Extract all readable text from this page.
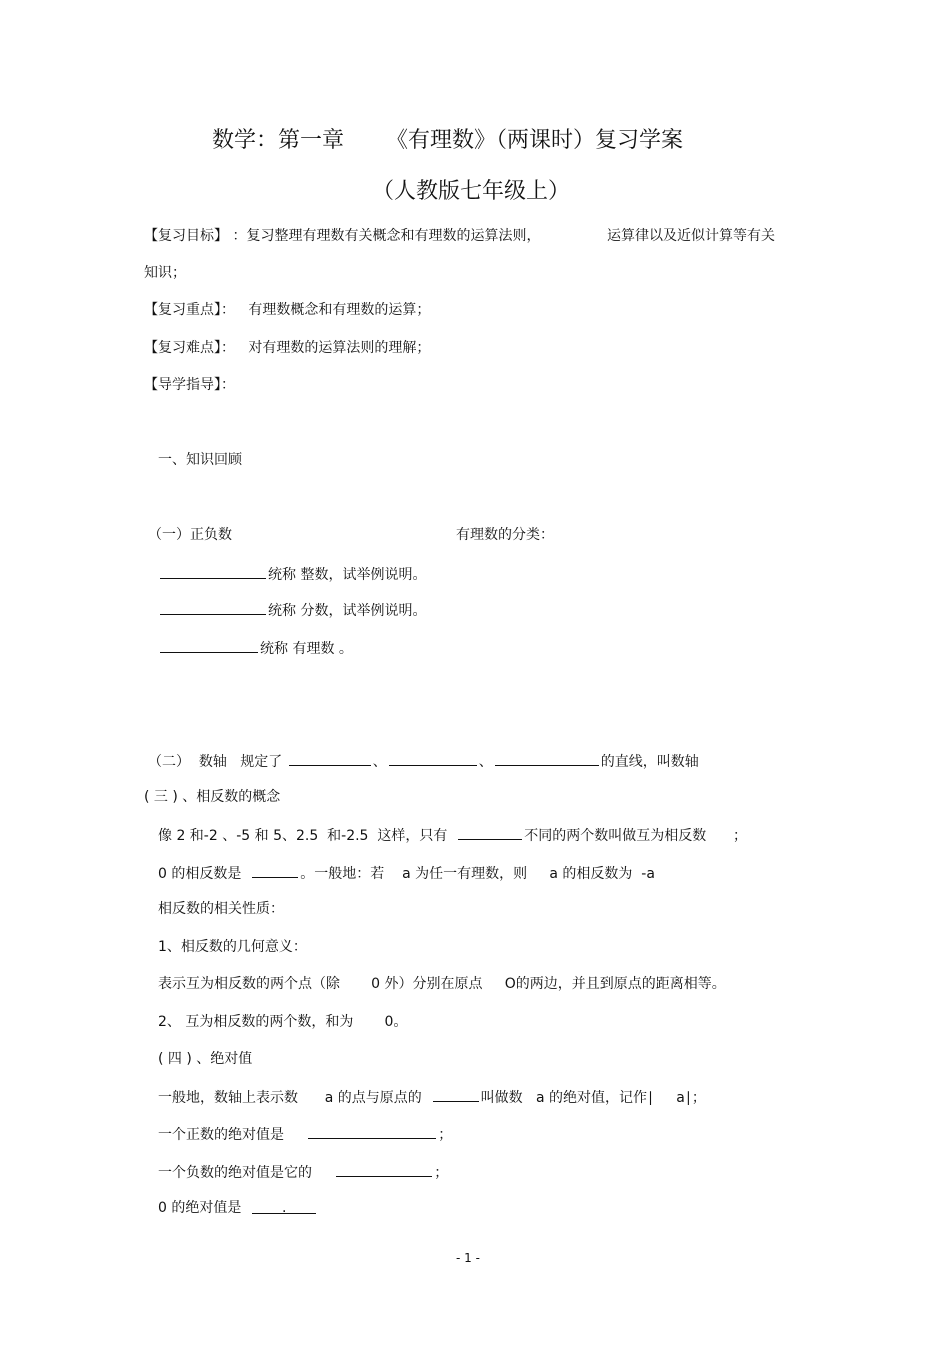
数学：第一章 《有理数》（两课时）复习学案
（人教版七年级上）
【复习目标】 ：复习整理有理数有关概念和有理数的运算法则，	运算律以及近似计算等有关
知识；
【复习重点】： 有理数概念和有理数的运算；
【复习难点】： 对有理数的运算法则的理解；
【导学指导】：
一、知识回顾
（一）正负数	有理数的分类：
统称 整数，试举例说明。
统称 分数，试举例说明。
统称 有理数 。
（二）  数轴   规定了	、	、	的直线，叫数轴
( 三 ) 、相反数的概念
像 2 和-2 、-5 和 5、2.5  和-2.5  这样，只有	不同的两个数叫做互为相反数 ；
0 的相反数是	。一般地：若    a 为任一有理数，则     a 的相反数为  -a
相反数的相关性质：
1、相反数的几何意义：
表示互为相反数的两个点（除       0 外）分别在原点     O的两边，并且到原点的距离相等。
2、 互为相反数的两个数，和为       0。
( 四 ) 、绝对值
一般地，数轴上表示数      a 的点与原点的	叫做数   a 的绝对值，记作∣     a∣；
一个正数的绝对值是	；
一个负数的绝对值是它的	；
0 的绝对值是	.
- 1 -
